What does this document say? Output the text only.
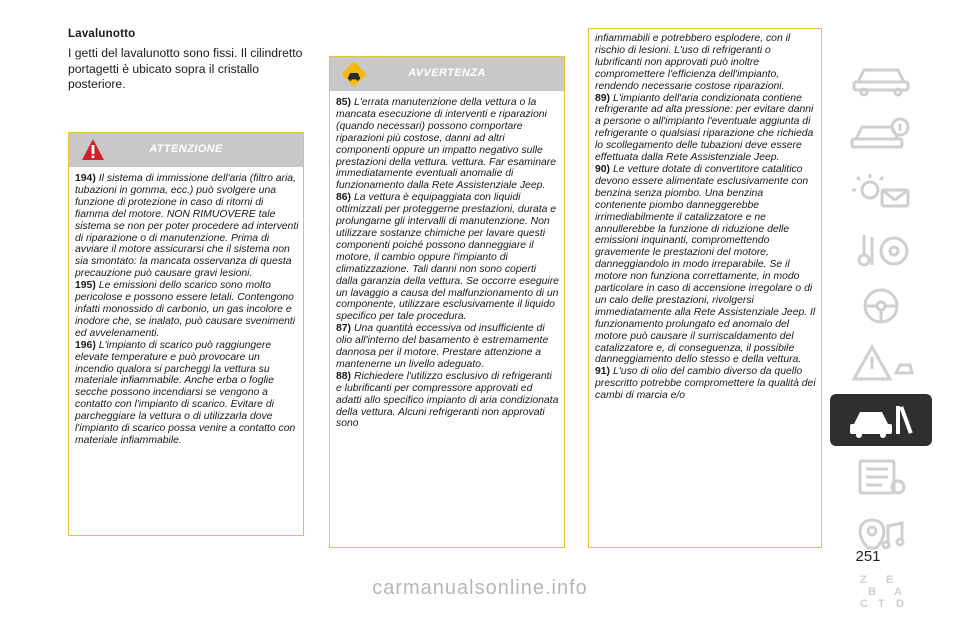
Lavalunotto

I getti del lavalunotto sono fissi. Il cilindretto portagetti è ubicato sopra il cristallo posteriore.

ATTENZIONE

194) Il sistema di immissione dell'aria (filtro aria, tubazioni in gomma, ecc.) può svolgere una funzione di protezione in caso di ritorni di fiamma del motore. NON RIMUOVERE tale sistema se non per poter procedere ad interventi di riparazione o di manutenzione. Prima di avviare il motore assicurarsi che il sistema non sia smontato: la mancata osservanza di questa precauzione può causare gravi lesioni.

195) Le emissioni dello scarico sono molto pericolose e possono essere letali. Contengono infatti monossido di carbonio, un gas incolore e inodore che, se inalato, può causare svenimenti ed avvelenamenti.

196) L'impianto di scarico può raggiungere elevate temperature e può provocare un incendio qualora si parcheggi la vettura su materiale infiammabile. Anche erba o foglie secche possono incendiarsi se vengono a contatto con l'impianto di scarico. Evitare di parcheggiare la vettura o di utilizzarla dove l'impianto di scarico possa venire a contatto con materiale infiammabile.

AVVERTENZA

85) L'errata manutenzione della vettura o la mancata esecuzione di interventi e riparazioni (quando necessari) possono comportare riparazioni più costose, danni ad altri componenti oppure un impatto negativo sulle prestazioni della vettura. vettura. Far esaminare immediatamente eventuali anomalie di funzionamento dalla Rete Assistenziale Jeep.

86) La vettura è equipaggiata con liquidi ottimizzati per proteggerne prestazioni, durata e prolungarne gli intervalli di manutenzione. Non utilizzare sostanze chimiche per lavare questi componenti poiché possono danneggiare il motore, il cambio oppure l'impianto di climatizzazione. Tali danni non sono coperti dalla garanzia della vettura. Se occorre eseguire un lavaggio a causa del malfunzionamento di un componente, utilizzare esclusivamente il liquido specifico per tale procedura.

87) Una quantità eccessiva od insufficiente di olio all'interno del basamento è estremamente dannosa per il motore. Prestare attenzione a mantenerne un livello adeguato.

88) Richiedere l'utilizzo esclusivo di refrigeranti e lubrificanti per compressore approvati ed adatti allo specifico impianto di aria condizionata della vettura. Alcuni refrigeranti non approvati sono

infiammabili e potrebbero esplodere, con il rischio di lesioni. L'uso di refrigeranti o lubrificanti non approvati può inoltre compromettere l'efficienza dell'impianto, rendendo necessarie costose riparazioni.

89) L'impianto dell'aria condizionata contiene refrigerante ad alta pressione: per evitare danni a persone o all'impianto l'eventuale aggiunta di refrigerante o qualsiasi riparazione che richieda lo scollegamento delle tubazioni deve essere effettuata dalla Rete Assistenziale Jeep.

90) Le vetture dotate di convertitore catalitico devono essere alimentate esclusivamente con benzina senza piombo. Una benzina contenente piombo danneggerebbe irrimediabilmente il catalizzatore e ne annullerebbe la funzione di riduzione delle emissioni inquinanti, compromettendo gravemente le prestazioni del motore, danneggiandolo in modo irreparabile. Se il motore non funziona correttamente, in modo particolare in caso di accensione irregolare o di un calo delle prestazioni, rivolgersi immediatamente alla Rete Assistenziale Jeep. Il funzionamento prolungato ed anomalo del motore può causare il surriscaldamento del catalizzatore e, di conseguenza, il possibile danneggiamento dello stesso e della vettura.

91) L'uso di olio del cambio diverso da quello prescritto potrebbe compromettere la qualità dei cambi di marcia e/o

Z E
B A
C T D
251
carmanualsonline.info
